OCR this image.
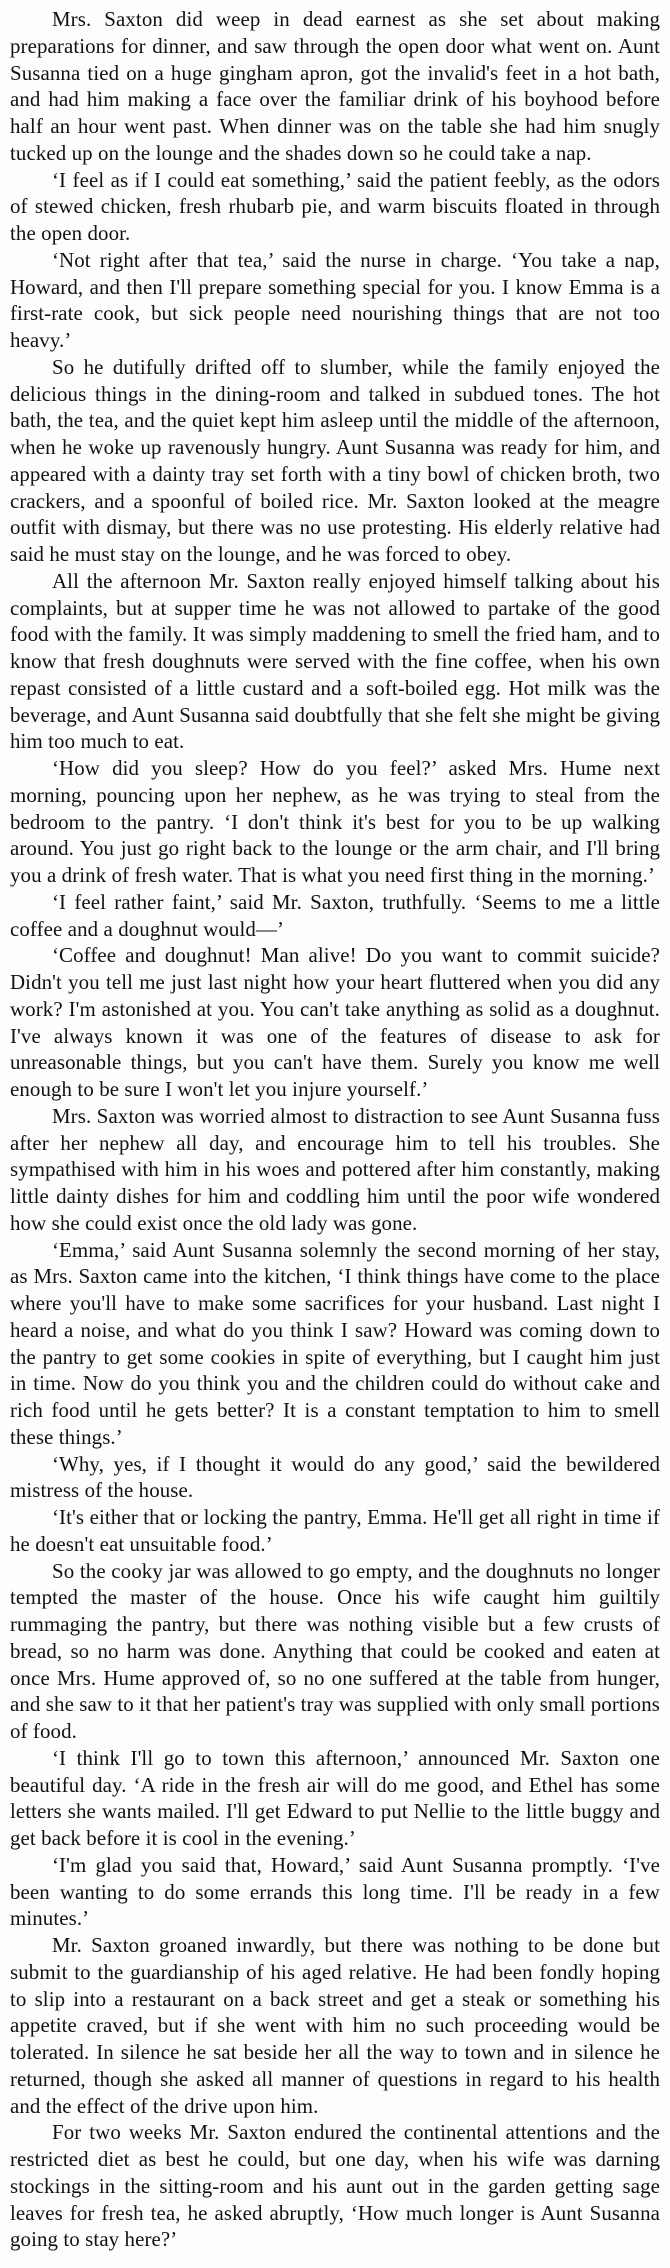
Mrs. Saxton did weep in dead earnest as she set about making preparations for dinner, and saw through the open door what went on. Aunt Susanna tied on a huge gingham apron, got the invalid's feet in a hot bath, and had him making a face over the familiar drink of his boyhood before half an hour went past. When dinner was on the table she had him snugly tucked up on the lounge and the shades down so he could take a nap.

‘I feel as if I could eat something,’ said the patient feebly, as the odors of stewed chicken, fresh rhubarb pie, and warm biscuits floated in through the open door.

‘Not right after that tea,’ said the nurse in charge. ‘You take a nap, Howard, and then I'll prepare something special for you. I know Emma is a first-rate cook, but sick people need nourishing things that are not too heavy.’

So he dutifully drifted off to slumber, while the family enjoyed the delicious things in the dining-room and talked in subdued tones. The hot bath, the tea, and the quiet kept him asleep until the middle of the afternoon, when he woke up ravenously hungry. Aunt Susanna was ready for him, and appeared with a dainty tray set forth with a tiny bowl of chicken broth, two crackers, and a spoonful of boiled rice. Mr. Saxton looked at the meagre outfit with dismay, but there was no use protesting. His elderly relative had said he must stay on the lounge, and he was forced to obey.

All the afternoon Mr. Saxton really enjoyed himself talking about his complaints, but at supper time he was not allowed to partake of the good food with the family. It was simply maddening to smell the fried ham, and to know that fresh doughnuts were served with the fine coffee, when his own repast consisted of a little custard and a soft-boiled egg. Hot milk was the beverage, and Aunt Susanna said doubtfully that she felt she might be giving him too much to eat.

‘How did you sleep? How do you feel?’ asked Mrs. Hume next morning, pouncing upon her nephew, as he was trying to steal from the bedroom to the pantry. ‘I don't think it's best for you to be up walking around. You just go right back to the lounge or the arm chair, and I'll bring you a drink of fresh water. That is what you need first thing in the morning.’

‘I feel rather faint,’ said Mr. Saxton, truthfully. ‘Seems to me a little coffee and a doughnut would—’

‘Coffee and doughnut! Man alive! Do you want to commit suicide? Didn't you tell me just last night how your heart fluttered when you did any work? I'm astonished at you. You can't take anything as solid as a doughnut. I've always known it was one of the features of disease to ask for unreasonable things, but you can't have them. Surely you know me well enough to be sure I won't let you injure yourself.’

Mrs. Saxton was worried almost to distraction to see Aunt Susanna fuss after her nephew all day, and encourage him to tell his troubles. She sympathised with him in his woes and pottered after him constantly, making little dainty dishes for him and coddling him until the poor wife wondered how she could exist once the old lady was gone.

‘Emma,’ said Aunt Susanna solemnly the second morning of her stay, as Mrs. Saxton came into the kitchen, ‘I think things have come to the place where you'll have to make some sacrifices for your husband. Last night I heard a noise, and what do you think I saw? Howard was coming down to the pantry to get some cookies in spite of everything, but I caught him just in time. Now do you think you and the children could do without cake and rich food until he gets better? It is a constant temptation to him to smell these things.’

‘Why, yes, if I thought it would do any good,’ said the bewildered mistress of the house.

‘It's either that or locking the pantry, Emma. He'll get all right in time if he doesn't eat unsuitable food.’

So the cooky jar was allowed to go empty, and the doughnuts no longer tempted the master of the house. Once his wife caught him guiltily rummaging the pantry, but there was nothing visible but a few crusts of bread, so no harm was done. Anything that could be cooked and eaten at once Mrs. Hume approved of, so no one suffered at the table from hunger, and she saw to it that her patient's tray was supplied with only small portions of food.

‘I think I'll go to town this afternoon,’ announced Mr. Saxton one beautiful day. ‘A ride in the fresh air will do me good, and Ethel has some letters she wants mailed. I'll get Edward to put Nellie to the little buggy and get back before it is cool in the evening.’

‘I'm glad you said that, Howard,’ said Aunt Susanna promptly. ‘I've been wanting to do some errands this long time. I'll be ready in a few minutes.’

Mr. Saxton groaned inwardly, but there was nothing to be done but submit to the guardianship of his aged relative. He had been fondly hoping to slip into a restaurant on a back street and get a steak or something his appetite craved, but if she went with him no such proceeding would be tolerated. In silence he sat beside her all the way to town and in silence he returned, though she asked all manner of questions in regard to his health and the effect of the drive upon him.

For two weeks Mr. Saxton endured the continental attentions and the restricted diet as best he could, but one day, when his wife was darning stockings in the sitting-room and his aunt out in the garden getting sage leaves for fresh tea, he asked abruptly, ‘How much longer is Aunt Susanna going to stay here?’
